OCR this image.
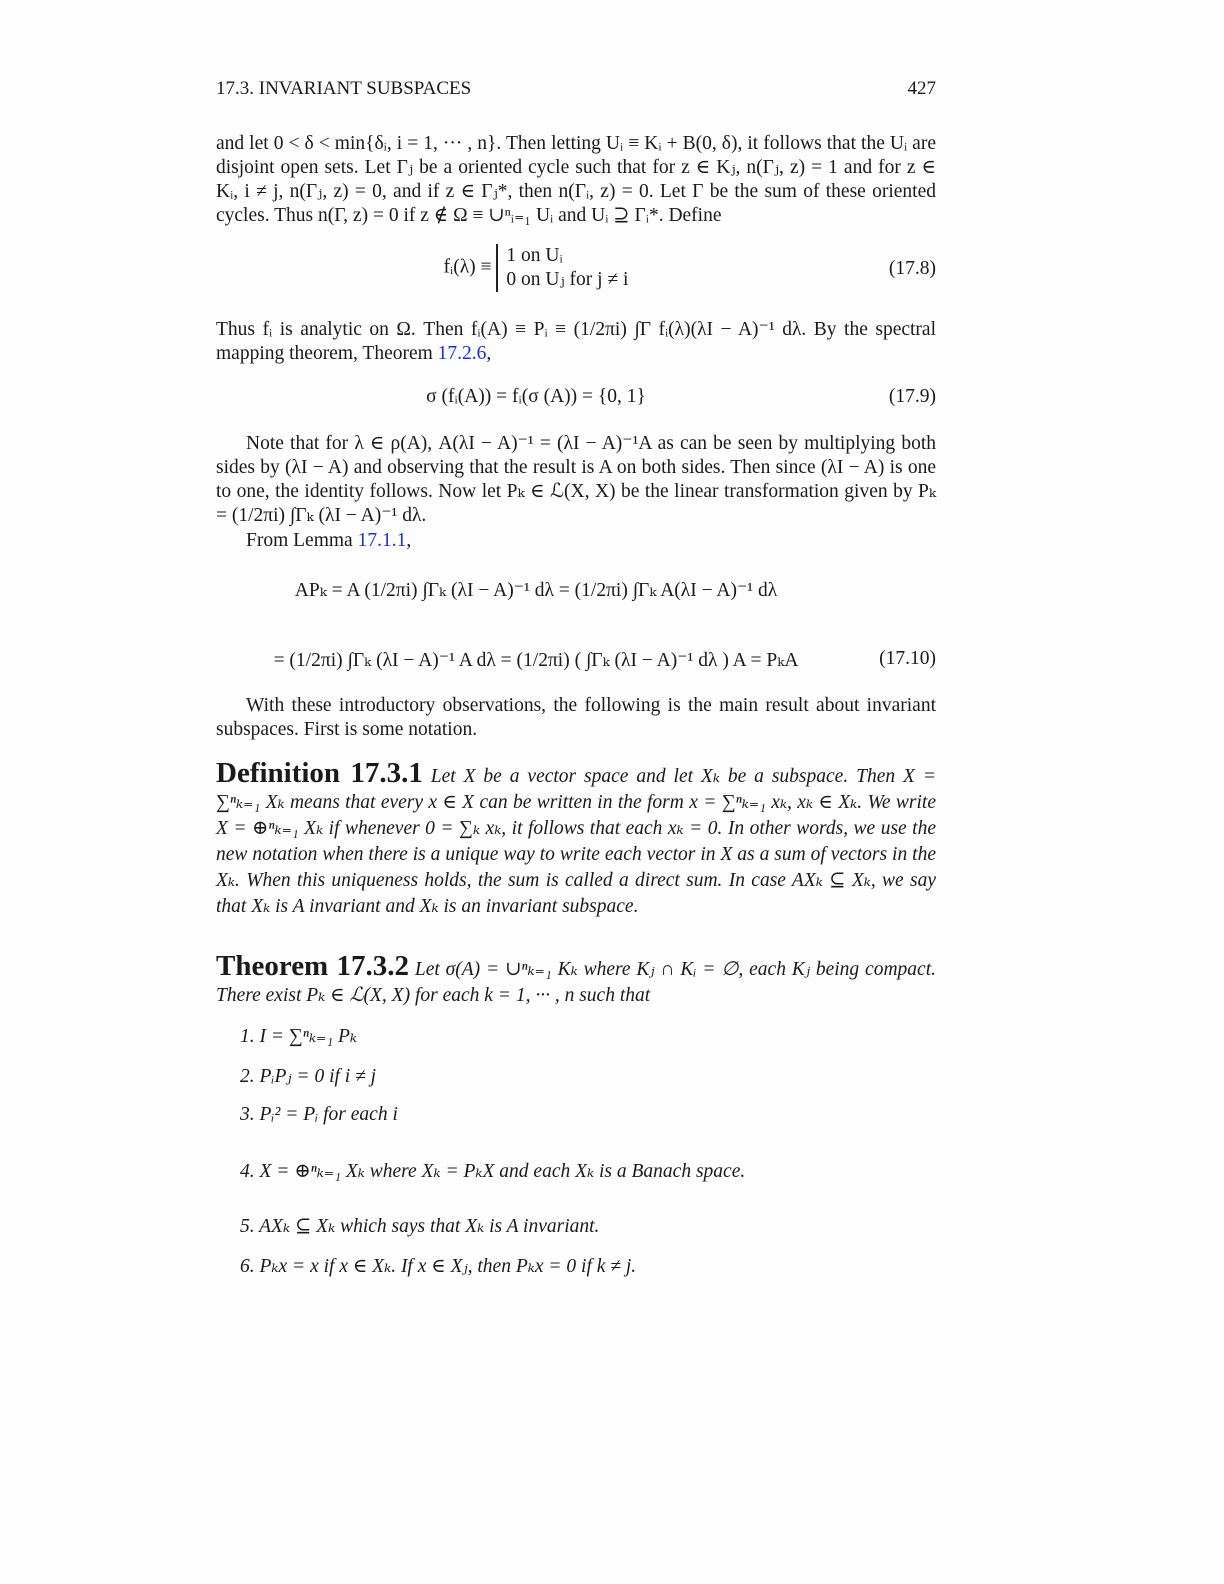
17.3. INVARIANT SUBSPACES	427
and let 0 < δ < min{δᵢ, i = 1, ··· , n}. Then letting Uᵢ ≡ Kᵢ + B(0, δ), it follows that the Uᵢ are disjoint open sets. Let Γⱼ be a oriented cycle such that for z ∈ Kⱼ, n(Γⱼ, z) = 1 and for z ∈ Kᵢ, i ≠ j, n(Γⱼ, z) = 0, and if z ∈ Γⱼ*, then n(Γᵢ, z) = 0. Let Γ be the sum of these oriented cycles. Thus n(Γ, z) = 0 if z ∉ Ω ≡ ∪ⁿᵢ₌₁ Uᵢ and Uᵢ ⊇ Γᵢ*. Define
fᵢ(λ) ≡ 1 on Uᵢ
0 on Uⱼ for j ≠ i
(17.8)
Thus fᵢ is analytic on Ω. Then fᵢ(A) ≡ Pᵢ ≡ (1/2πi) ∫Γ fᵢ(λ)(λI − A)⁻¹ dλ. By the spectral mapping theorem, Theorem 17.2.6,
σ (fᵢ(A)) = fᵢ(σ (A)) = {0, 1}	(17.9)
Note that for λ ∈ ρ(A), A(λI − A)⁻¹ = (λI − A)⁻¹A as can be seen by multiplying both sides by (λI − A) and observing that the result is A on both sides. Then since (λI − A) is one to one, the identity follows. Now let Pₖ ∈ ℒ(X, X) be the linear transformation given by Pₖ = (1/2πi) ∫Γₖ (λI − A)⁻¹ dλ.
From Lemma 17.1.1,
APₖ = A (1/2πi) ∫Γₖ (λI − A)⁻¹ dλ = (1/2πi) ∫Γₖ A(λI − A)⁻¹ dλ
= (1/2πi) ∫Γₖ (λI − A)⁻¹ A dλ = (1/2πi) ( ∫Γₖ (λI − A)⁻¹ dλ ) A = PₖA	(17.10)
With these introductory observations, the following is the main result about invariant subspaces. First is some notation.
Definition 17.3.1 Let X be a vector space and let Xₖ be a subspace. Then X = ∑ⁿₖ₌₁ Xₖ means that every x ∈ X can be written in the form x = ∑ⁿₖ₌₁ xₖ, xₖ ∈ Xₖ. We write X = ⊕ⁿₖ₌₁ Xₖ if whenever 0 = ∑ₖ xₖ, it follows that each xₖ = 0. In other words, we use the new notation when there is a unique way to write each vector in X as a sum of vectors in the Xₖ. When this uniqueness holds, the sum is called a direct sum. In case AXₖ ⊆ Xₖ, we say that Xₖ is A invariant and Xₖ is an invariant subspace.
Theorem 17.3.2 Let σ(A) = ∪ⁿₖ₌₁ Kₖ where Kⱼ ∩ Kᵢ = ∅, each Kⱼ being compact. There exist Pₖ ∈ ℒ(X, X) for each k = 1, ··· , n such that
1. I = ∑ⁿₖ₌₁ Pₖ
2. PᵢPⱼ = 0 if i ≠ j
3. Pᵢ² = Pᵢ for each i
4. X = ⊕ⁿₖ₌₁ Xₖ where Xₖ = PₖX and each Xₖ is a Banach space.
5. AXₖ ⊆ Xₖ which says that Xₖ is A invariant.
6. Pₖx = x if x ∈ Xₖ. If x ∈ Xⱼ, then Pₖx = 0 if k ≠ j.
